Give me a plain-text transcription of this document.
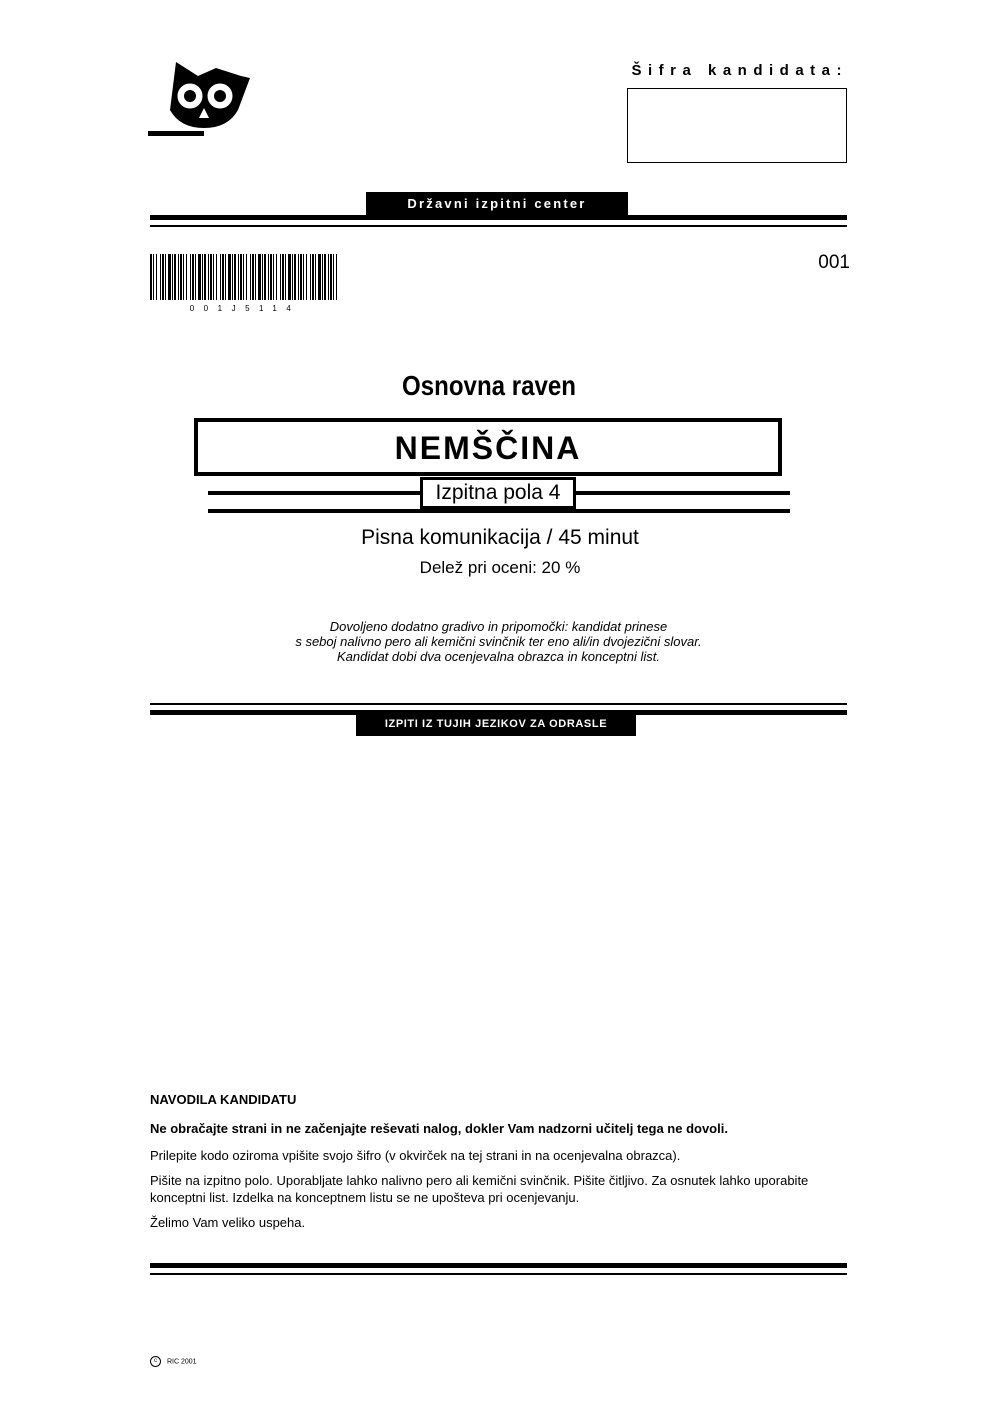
Šifra kandidata:
Državni izpitni center
001J5114
001
Osnovna raven
NEMŠČINA
Izpitna pola 4
Pisna komunikacija / 45 minut
Delež pri oceni: 20 %
Dovoljeno dodatno gradivo in pripomočki: kandidat prinese
s seboj nalivno pero ali kemični svinčnik ter eno ali/in dvojezični slovar.
Kandidat dobi dva ocenjevalna obrazca in konceptni list.
IZPITI IZ TUJIH JEZIKOV ZA ODRASLE

NAVODILA KANDIDATU

Ne obračajte strani in ne začenjajte reševati nalog, dokler Vam nadzorni učitelj tega ne dovoli.

Prilepite kodo oziroma vpišite svojo šifro (v okvirček na tej strani in na ocenjevalna obrazca).

Pišite na izpitno polo. Uporabljate lahko nalivno pero ali kemični svinčnik. Pišite čitljivo. Za osnutek lahko uporabite konceptni list. Izdelka na konceptnem listu se ne upošteva pri ocenjevanju.

Želimo Vam veliko uspeha.

c RIC 2001
